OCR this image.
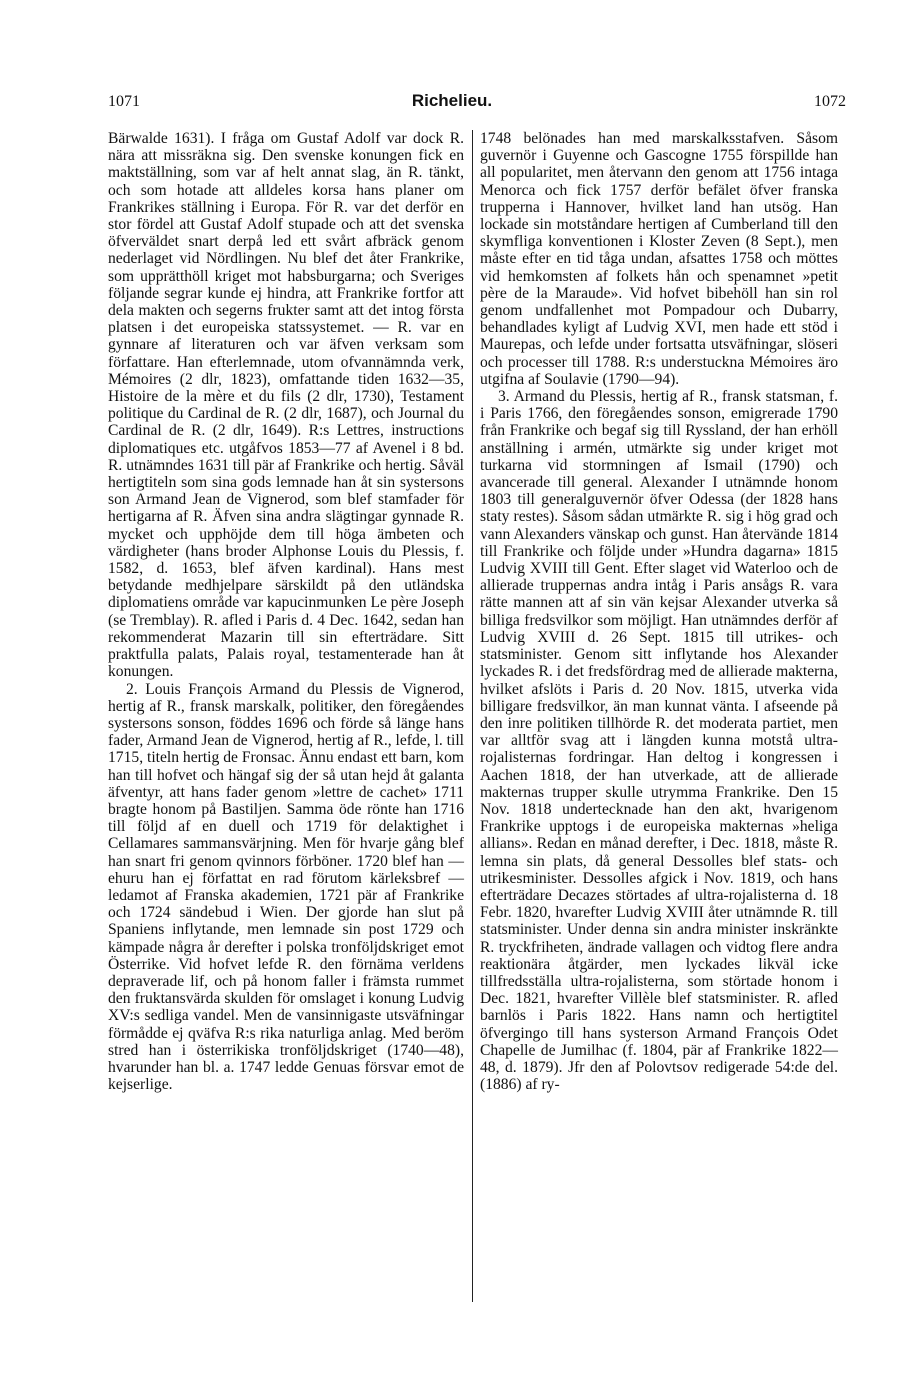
1071	Richelieu.	1072

Bärwalde 1631). I fråga om Gustaf Adolf var dock R. nära att missräkna sig. Den svenske konungen fick en maktställning, som var af helt annat slag, än R. tänkt, och som hotade att alldeles korsa hans planer om Frankrikes ställning i Europa. För R. var det derför en stor fördel att Gustaf Adolf stupade och att det svenska öfverväldet snart derpå led ett svårt afbräck genom nederlaget vid Nördlingen. Nu blef det åter Frankrike, som upprätthöll kriget mot habsburgarna; och Sveriges följande segrar kunde ej hindra, att Frankrike fortfor att dela makten och segerns frukter samt att det intog första platsen i det europeiska statssystemet. — R. var en gynnare af literaturen och var äfven verksam som författare. Han efterlemnade, utom ofvannämnda verk, Mémoires (2 dlr, 1823), omfattande tiden 1632—35, Histoire de la mère et du fils (2 dlr, 1730), Testament politique du Cardinal de R. (2 dlr, 1687), och Journal du Cardinal de R. (2 dlr, 1649). R:s Lettres, instructions diplomatiques etc. utgåfvos 1853—77 af Avenel i 8 bd. R. utnämndes 1631 till pär af Frankrike och hertig. Såväl hertigtiteln som sina gods lemnade han åt sin systersons son Armand Jean de Vignerod, som blef stamfader för hertigarna af R. Äfven sina andra slägtingar gynnade R. mycket och upphöjde dem till höga ämbeten och värdigheter (hans broder Alphonse Louis du Plessis, f. 1582, d. 1653, blef äfven kardinal). Hans mest betydande medhjelpare särskildt på den utländska diplomatiens område var kapucinmunken Le père Joseph (se Tremblay). R. afled i Paris d. 4 Dec. 1642, sedan han rekommenderat Mazarin till sin efterträdare. Sitt praktfulla palats, Palais royal, testamenterade han åt konungen.

2. Louis François Armand du Plessis de Vignerod, hertig af R., fransk marskalk, politiker, den föregåendes systersons sonson, föddes 1696 och förde så länge hans fader, Armand Jean de Vignerod, hertig af R., lefde, l. till 1715, titeln hertig de Fronsac. Ännu endast ett barn, kom han till hofvet och hängaf sig der så utan hejd åt galanta äfventyr, att hans fader genom »lettre de cachet» 1711 bragte honom på Bastiljen. Samma öde rönte han 1716 till följd af en duell och 1719 för delaktighet i Cellamares sammansvärjning. Men för hvarje gång blef han snart fri genom qvinnors förböner. 1720 blef han — ehuru han ej författat en rad förutom kärleksbref — ledamot af Franska akademien, 1721 pär af Frankrike och 1724 sändebud i Wien. Der gjorde han slut på Spaniens inflytande, men lemnade sin post 1729 och kämpade några år derefter i polska tronföljdskriget emot Österrike. Vid hofvet lefde R. den förnäma verldens depraverade lif, och på honom faller i främsta rummet den fruktansvärda skulden för omslaget i konung Ludvig XV:s sedliga vandel. Men de vansinnigaste utsväfningar förmådde ej qväfva R:s rika naturliga anlag. Med beröm stred han i österrikiska tronföljdskriget (1740—48), hvarunder han bl. a. 1747 ledde Genuas försvar emot de kejserlige.

1748 belönades han med marskalksstafven. Såsom guvernör i Guyenne och Gascogne 1755 förspillde han all popularitet, men återvann den genom att 1756 intaga Menorca och fick 1757 derför befälet öfver franska trupperna i Hannover, hvilket land han utsög. Han lockade sin motståndare hertigen af Cumberland till den skymfliga konventionen i Kloster Zeven (8 Sept.), men måste efter en tid tåga undan, afsattes 1758 och möttes vid hemkomsten af folkets hån och spenamnet »petit père de la Maraude». Vid hofvet bibehöll han sin rol genom undfallenhet mot Pompadour och Dubarry, behandlades kyligt af Ludvig XVI, men hade ett stöd i Maurepas, och lefde under fortsatta utsväfningar, slöseri och processer till 1788. R:s understuckna Mémoires äro utgifna af Soulavie (1790—94).

3. Armand du Plessis, hertig af R., fransk statsman, f. i Paris 1766, den föregåendes sonson, emigrerade 1790 från Frankrike och begaf sig till Ryssland, der han erhöll anställning i armén, utmärkte sig under kriget mot turkarna vid stormningen af Ismail (1790) och avancerade till general. Alexander I utnämnde honom 1803 till generalguvernör öfver Odessa (der 1828 hans staty restes). Såsom sådan utmärkte R. sig i hög grad och vann Alexanders vänskap och gunst. Han återvände 1814 till Frankrike och följde under »Hundra dagarna» 1815 Ludvig XVIII till Gent. Efter slaget vid Waterloo och de allierade truppernas andra intåg i Paris ansågs R. vara rätte mannen att af sin vän kejsar Alexander utverka så billiga fredsvilkor som möjligt. Han utnämndes derför af Ludvig XVIII d. 26 Sept. 1815 till utrikes- och statsminister. Genom sitt inflytande hos Alexander lyckades R. i det fredsfördrag med de allierade makterna, hvilket afslöts i Paris d. 20 Nov. 1815, utverka vida billigare fredsvilkor, än man kunnat vänta. I afseende på den inre politiken tillhörde R. det moderata partiet, men var alltför svag att i längden kunna motstå ultra-rojalisternas fordringar. Han deltog i kongressen i Aachen 1818, der han utverkade, att de allierade makternas trupper skulle utrymma Frankrike. Den 15 Nov. 1818 undertecknade han den akt, hvarigenom Frankrike upptogs i de europeiska makternas »heliga allians». Redan en månad derefter, i Dec. 1818, måste R. lemna sin plats, då general Dessolles blef stats- och utrikesminister. Dessolles afgick i Nov. 1819, och hans efterträdare Decazes störtades af ultra-rojalisterna d. 18 Febr. 1820, hvarefter Ludvig XVIII åter utnämnde R. till statsminister. Under denna sin andra minister inskränkte R. tryckfriheten, ändrade vallagen och vidtog flere andra reaktionära åtgärder, men lyckades likväl icke tillfredsställa ultra-rojalisterna, som störtade honom i Dec. 1821, hvarefter Villèle blef statsminister. R. afled barnlös i Paris 1822. Hans namn och hertigtitel öfvergingo till hans systerson Armand François Odet Chapelle de Jumilhac (f. 1804, pär af Frankrike 1822—48, d. 1879). Jfr den af Polovtsov redigerade 54:de del. (1886) af ry-
